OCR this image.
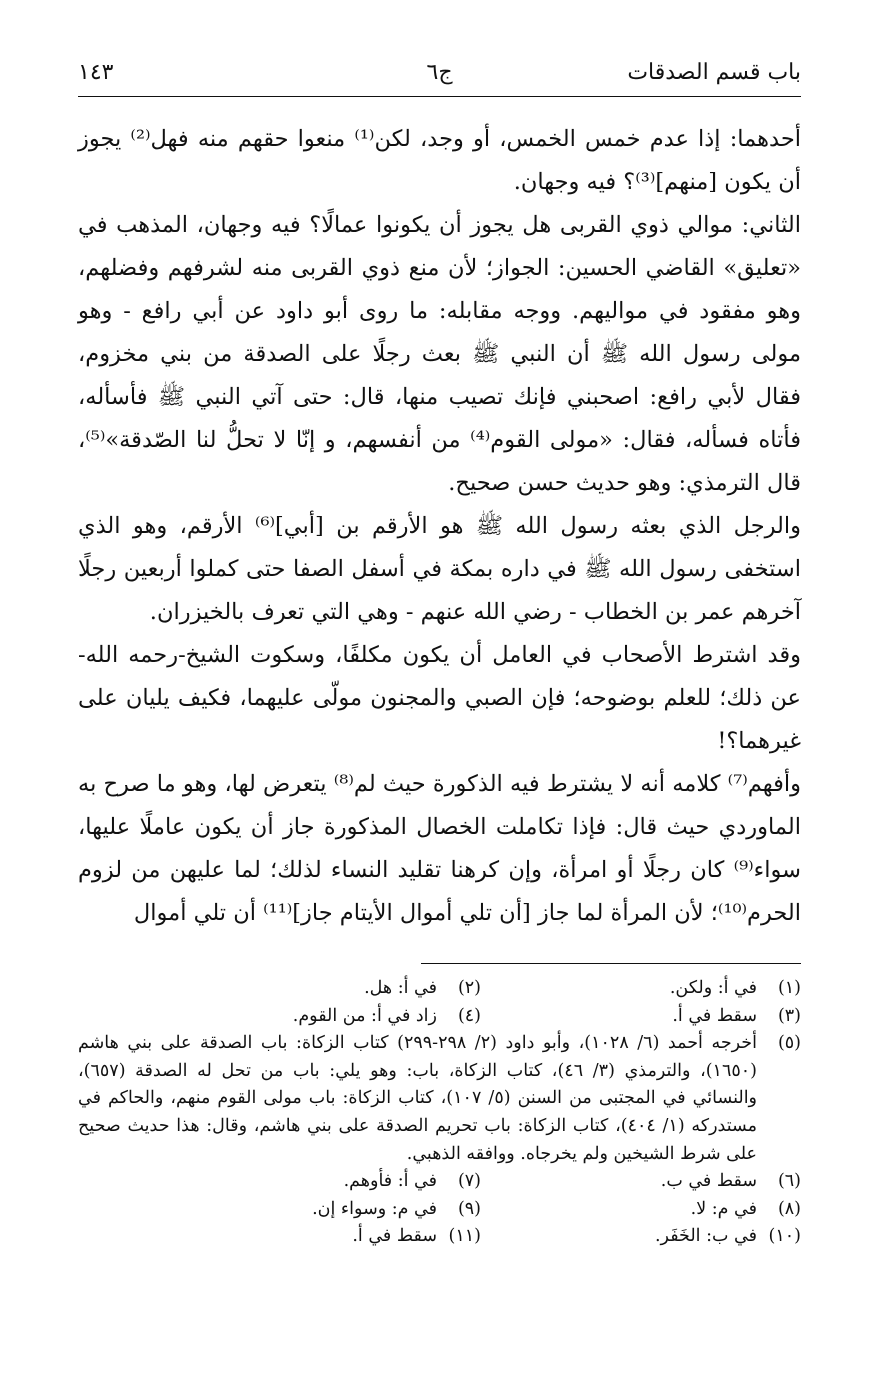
باب قسم الصدقات
ج٦
١٤٣

أحدهما: إذا عدم خمس الخمس، أو وجد، لكن⁽¹⁾ منعوا حقهم منه فهل⁽²⁾ يجوز أن يكون [منهم]⁽³⁾؟ فيه وجهان.

الثاني: موالي ذوي القربى هل يجوز أن يكونوا عمالًا؟ فيه وجهان، المذهب في «تعليق» القاضي الحسين: الجواز؛ لأن منع ذوي القربى منه لشرفهم وفضلهم، وهو مفقود في مواليهم. ووجه مقابله: ما روى أبو داود عن أبي رافع - وهو مولى رسول الله ﷺ أن النبي ﷺ بعث رجلًا على الصدقة من بني مخزوم، فقال لأبي رافع: اصحبني فإنك تصيب منها، قال: حتى آتي النبي ﷺ فأسأله، فأتاه فسأله، فقال: «مولى القوم⁽⁴⁾ من أنفسهم، و إنّا لا تحلُّ لنا الصّدقة»⁽⁵⁾، قال الترمذي: وهو حديث حسن صحيح.

والرجل الذي بعثه رسول الله ﷺ هو الأرقم بن [أبي]⁽⁶⁾ الأرقم، وهو الذي استخفى رسول الله ﷺ في داره بمكة في أسفل الصفا حتى كملوا أربعين رجلًا آخرهم عمر بن الخطاب - رضي الله عنهم - وهي التي تعرف بالخيزران.

وقد اشترط الأصحاب في العامل أن يكون مكلفًا، وسكوت الشيخ-رحمه الله- عن ذلك؛ للعلم بوضوحه؛ فإن الصبي والمجنون مولّى عليهما، فكيف يليان على غيرهما؟!

وأفهم⁽⁷⁾ كلامه أنه لا يشترط فيه الذكورة حيث لم⁽⁸⁾ يتعرض لها، وهو ما صرح به الماوردي حيث قال: فإذا تكاملت الخصال المذكورة جاز أن يكون عاملًا عليها، سواء⁽⁹⁾ كان رجلًا أو امرأة، وإن كرهنا تقليد النساء لذلك؛ لما عليهن من لزوم الحرم⁽¹⁰⁾؛ لأن المرأة لما جاز [أن تلي أموال الأيتام جاز]⁽¹¹⁾ أن تلي أموال

(١)في أ: ولكن.
(٢)في أ: هل.
(٣)سقط في أ.
(٤)زاد في أ: من القوم.
(٥)
أخرجه أحمد (٦/ ١٠٢٨)، وأبو داود (٢/ ٢٩٨-٢٩٩) كتاب الزكاة: باب الصدقة على بني هاشم (١٦٥٠)، والترمذي (٣/ ٤٦)، كتاب الزكاة، باب: وهو يلي: باب من تحل له الصدقة (٦٥٧)، والنسائي في المجتبى من السنن (٥/ ١٠٧)، كتاب الزكاة: باب مولى القوم منهم، والحاكم في مستدركه (١/ ٤٠٤)، كتاب الزكاة: باب تحريم الصدقة على بني هاشم، وقال: هذا حديث صحيح على شرط الشيخين ولم يخرجاه. ووافقه الذهبي.
(٦)سقط في ب.
(٧)في أ: فأوهم.
(٨)في م: لا.
(٩)في م: وسواء إن.
(١٠)في ب: الخَفَر.
(١١)سقط في أ.
